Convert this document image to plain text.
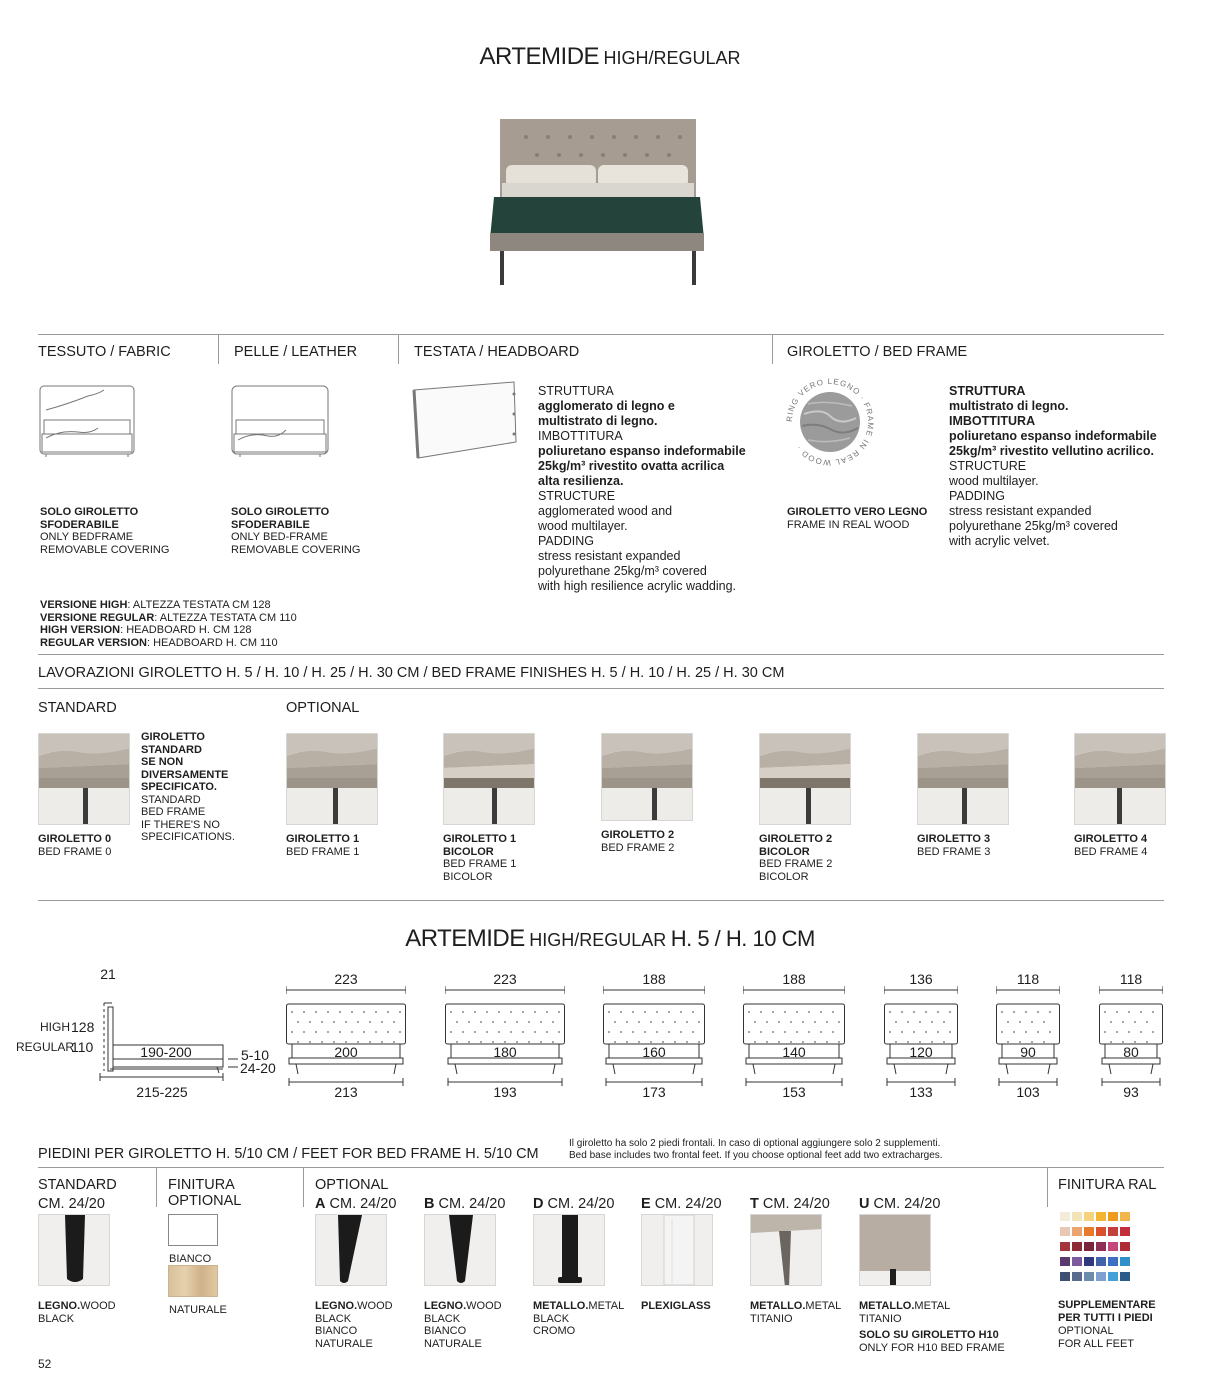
ARTEMIDE HIGH/REGULAR
TESSUTO / FABRIC	PELLE / LEATHER	TESTATA / HEADBOARD	GIROLETTO / BED FRAME
SOLO GIROLETTO
SFODERABILE
ONLY BEDFRAME
REMOVABLE COVERING
SOLO GIROLETTO
SFODERABILE
ONLY BED-FRAME
REMOVABLE COVERING
STRUTTURA
agglomerato di legno e
multistrato di legno.
IMBOTTITURA
poliuretano espanso indeformabile
25kg/m³ rivestito ovatta acrilica
alta resilienza.
STRUCTURE
agglomerated wood and
wood multilayer.
PADDING
stress resistant expanded
polyurethane 25kg/m³ covered
with high resilience acrylic wadding.
RING VERO LEGNO · FRAME IN REAL WOOD ·
GIROLETTO VERO LEGNO
FRAME IN REAL WOOD
STRUTTURA
multistrato di legno.
IMBOTTITURA
poliuretano espanso indeformabile
25kg/m³ rivestito vellutino acrilico.
STRUCTURE
wood multilayer.
PADDING
stress resistant expanded
polyurethane 25kg/m³ covered
with acrylic velvet.
VERSIONE HIGH: ALTEZZA TESTATA CM 128
VERSIONE REGULAR: ALTEZZA TESTATA CM 110
HIGH VERSION: HEADBOARD H. CM 128
REGULAR VERSION: HEADBOARD H. CM 110
LAVORAZIONI GIROLETTO H. 5 / H. 10 / H. 25 / H. 30 CM / BED FRAME FINISHES H. 5 / H. 10 / H. 25 / H. 30 CM
STANDARD	OPTIONAL
GIROLETTO
STANDARD
SE NON
DIVERSAMENTE
SPECIFICATO.
STANDARD
BED FRAME
IF THERE'S NO
SPECIFICATIONS.
GIROLETTO 0
BED FRAME 0
GIROLETTO 1
BED FRAME 1
GIROLETTO 1
BICOLOR
BED FRAME 1
BICOLOR
GIROLETTO 2
BED FRAME 2
GIROLETTO 2
BICOLOR
BED FRAME 2
BICOLOR
GIROLETTO 3
BED FRAME 3
GIROLETTO 4
BED FRAME 4
ARTEMIDE HIGH/REGULAR H. 5 / H. 10 CM
21
HIGH 128
REGULAR
110	190-200	5-10
24-20
215-225
223
200
213
223
180
193
188
160
173
188
140
153
136
120
133
118
90
103
118
80
93
PIEDINI PER GIROLETTO H. 5/10 CM / FEET FOR BED FRAME H. 5/10 CM
Il giroletto ha solo 2 piedi frontali. In caso di optional aggiungere solo 2 supplementi.
Bed base includes two frontal feet. If you choose optional feet add two extracharges.
STANDARD
CM. 24/20
FINITURA
OPTIONAL
OPTIONAL	FINITURA RAL
LEGNO.WOOD
BLACK
BIANCO
NATURALE
A CM. 24/20
LEGNO.WOOD
BLACK
BIANCO
NATURALE
B CM. 24/20
LEGNO.WOOD
BLACK
BIANCO
NATURALE
D CM. 24/20
METALLO.METAL
BLACK
CROMO
E CM. 24/20
PLEXIGLASS
T CM. 24/20
METALLO.METAL
TITANIO
U CM. 24/20
METALLO.METAL
TITANIO
SOLO SU GIROLETTO H10
ONLY FOR H10 BED FRAME
SUPPLEMENTARE
PER TUTTI I PIEDI
OPTIONAL
FOR ALL FEET
52
